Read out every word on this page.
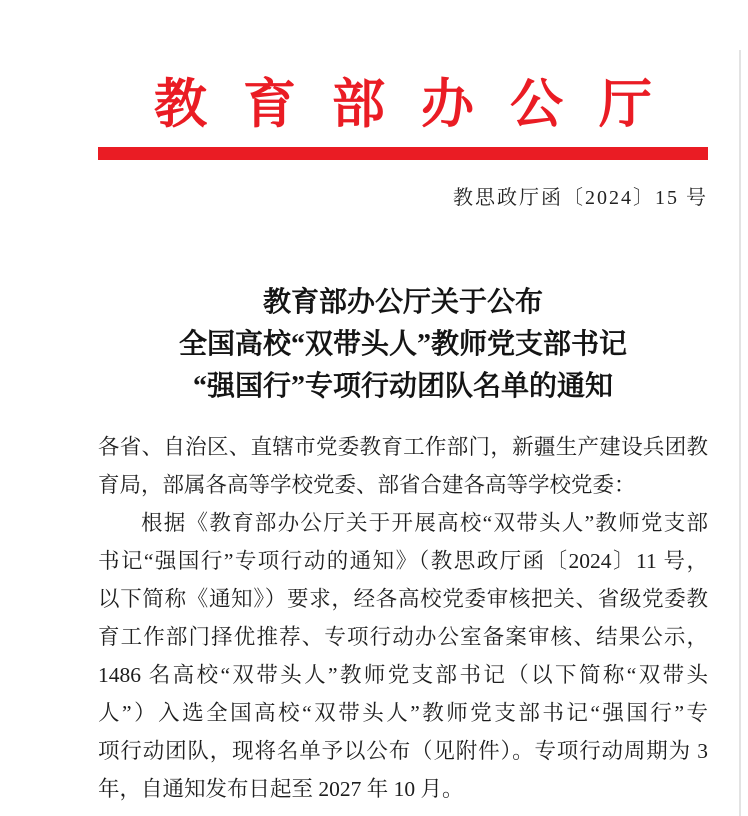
教育部办公厅
教思政厅函〔2024〕15 号
教育部办公厅关于公布
全国高校“双带头人”教师党支部书记
“强国行”专项行动团队名单的通知
各省、自治区、直辖市党委教育工作部门，新疆生产建设兵团教
育局，部属各高等学校党委、部省合建各高等学校党委：
根据《教育部办公厅关于开展高校“双带头人”教师党支部
书记“强国行”专项行动的通知》（教思政厅函〔2024〕11 号，
以下简称《通知》）要求，经各高校党委审核把关、省级党委教
育工作部门择优推荐、专项行动办公室备案审核、结果公示，
1486 名高校“双带头人”教师党支部书记（以下简称“双带头
人”）入选全国高校“双带头人”教师党支部书记“强国行”专
项行动团队，现将名单予以公布（见附件）。专项行动周期为 3
年，自通知发布日起至 2027 年 10 月。
